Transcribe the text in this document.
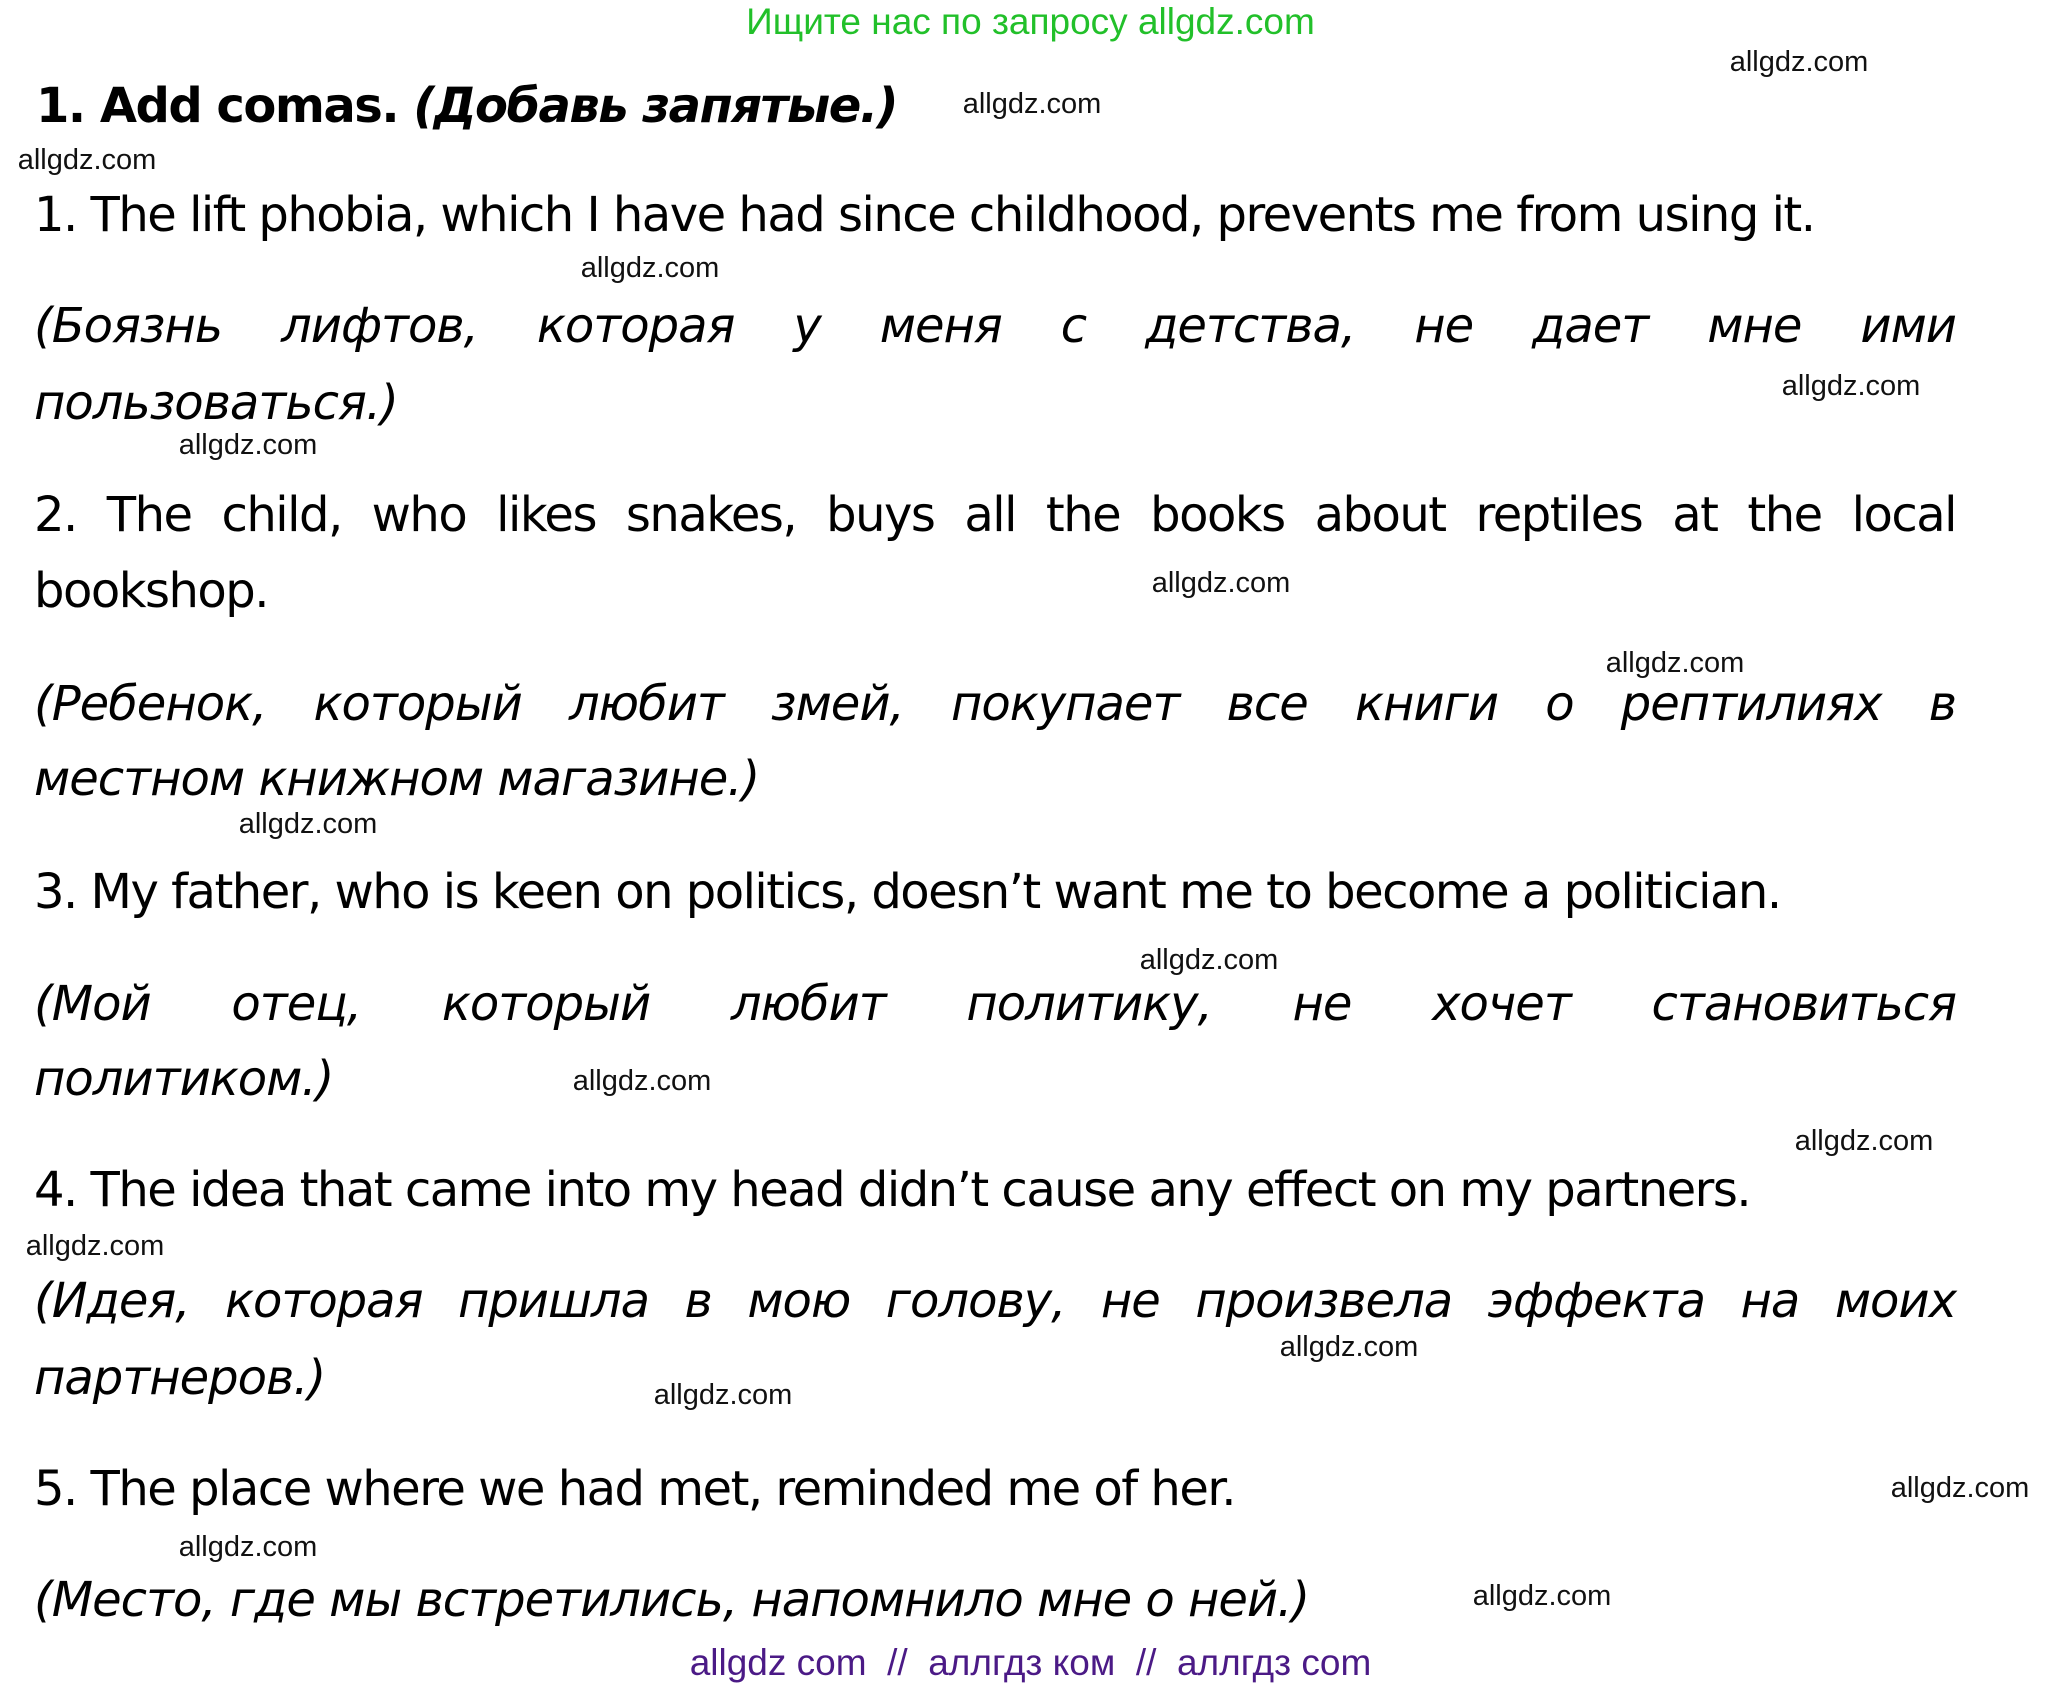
Ищите нас по запросу allgdz.com
1. Add comas. (Добавь запятые.)
1. The lift phobia, which I have had since childhood, prevents me from using it.
(Боязнь лифтов, которая у меня с детства, не дает мне ими
пользоваться.)
2. The child, who likes snakes, buys all the books about reptiles at the local
bookshop.
(Ребенок, который любит змей, покупает все книги о рептилиях в
местном книжном магазине.)
3. My father, who is keen on politics, doesn’t want me to become a politician.
(Мой отец, который любит политику, не хочет становиться
политиком.)
4. The idea that came into my head didn’t cause any effect on my partners.
(Идея, которая пришла в мою голову, не произвела эффекта на моих
партнеров.)
5. The place where we had met, reminded me of her.
(Место, где мы встретились, напомнило мне о ней.)
allgdz.com
allgdz.com
allgdz.com
allgdz.com
allgdz.com
allgdz.com
allgdz.com
allgdz.com
allgdz.com
allgdz.com
allgdz.com
allgdz.com
allgdz.com
allgdz.com
allgdz.com
allgdz.com
allgdz.com
allgdz.com
allgdz com  //  аллгдз ком  //  аллгдз com
